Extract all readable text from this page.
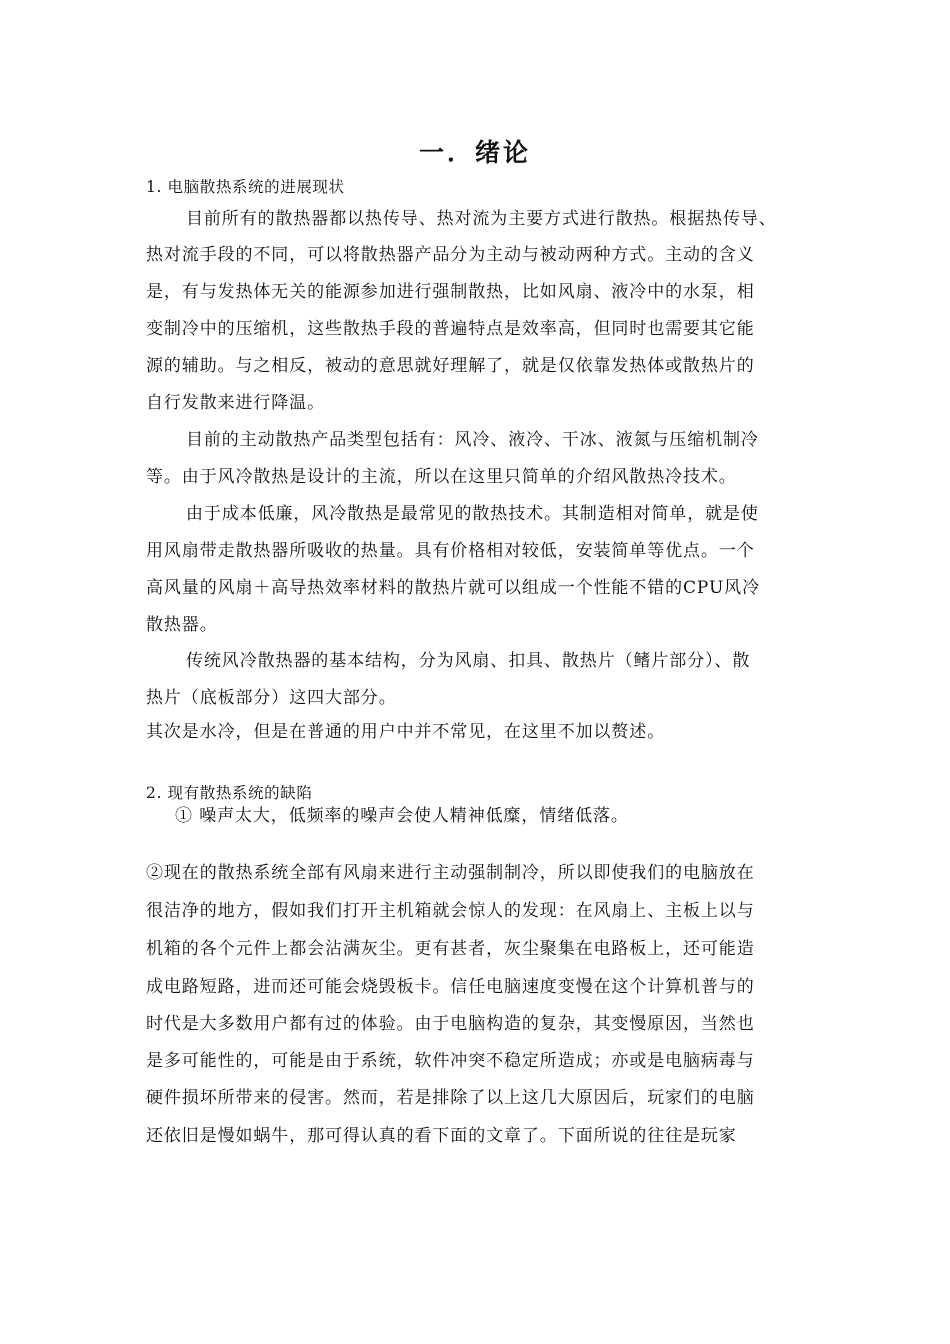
一．绪论
1. 电脑散热系统的进展现状
目前所有的散热器都以热传导、热对流为主要方式进行散热。根据热传导、
热对流手段的不同，可以将散热器产品分为主动与被动两种方式。主动的含义
是，有与发热体无关的能源参加进行强制散热，比如风扇、液冷中的水泵，相
变制冷中的压缩机，这些散热手段的普遍特点是效率高，但同时也需要其它能
源的辅助。与之相反，被动的意思就好理解了，就是仅依靠发热体或散热片的
自行发散来进行降温。
目前的主动散热产品类型包括有：风冷、液冷、干冰、液氮与压缩机制冷
等。由于风冷散热是设计的主流，所以在这里只简单的介绍风散热冷技术。
由于成本低廉，风冷散热是最常见的散热技术。其制造相对简单，就是使
用风扇带走散热器所吸收的热量。具有价格相对较低，安装简单等优点。一个
高风量的风扇＋高导热效率材料的散热片就可以组成一个性能不错的CPU风冷
散热器。
传统风冷散热器的基本结构，分为风扇、扣具、散热片（鳍片部分）、散
热片（底板部分）这四大部分。
其次是水冷，但是在普通的用户中并不常见，在这里不加以赘述。
2. 现有散热系统的缺陷
① 噪声太大，低频率的噪声会使人精神低糜，情绪低落。
②现在的散热系统全部有风扇来进行主动强制制冷，所以即使我们的电脑放在
很洁净的地方，假如我们打开主机箱就会惊人的发现：在风扇上、主板上以与
机箱的各个元件上都会沾满灰尘。更有甚者，灰尘聚集在电路板上，还可能造
成电路短路，进而还可能会烧毁板卡。信任电脑速度变慢在这个计算机普与的
时代是大多数用户都有过的体验。由于电脑构造的复杂，其变慢原因，当然也
是多可能性的，可能是由于系统，软件冲突不稳定所造成；亦或是电脑病毒与
硬件损坏所带来的侵害。然而，若是排除了以上这几大原因后，玩家们的电脑
还依旧是慢如蜗牛，那可得认真的看下面的文章了。下面所说的往往是玩家
